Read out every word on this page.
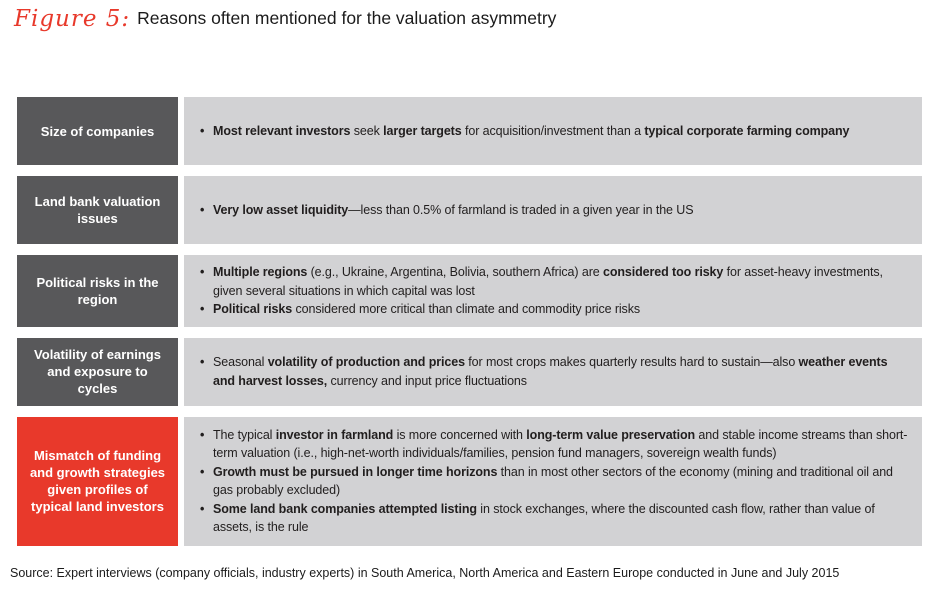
Figure 5: Reasons often mentioned for the valuation asymmetry
Size of companies	• Most relevant investors seek larger targets for acquisition/investment than a typical corporate farming company
Land bank valuation issues
• Very low asset liquidity—less than 0.5% of farmland is traded in a given year in the US
Political risks in the region
• Multiple regions (e.g., Ukraine, Argentina, Bolivia, southern Africa) are considered too risky for asset-heavy investments, given several situations in which capital was lost
• Political risks considered more critical than climate and commodity price risks
Volatility of earnings and exposure to cycles
• Seasonal volatility of production and prices for most crops makes quarterly results hard to sustain—also weather events and harvest losses, currency and input price fluctuations
Mismatch of funding and growth strategies given profiles of typical land investors
• The typical investor in farmland is more concerned with long-term value preservation and stable income streams than short-term valuation (i.e., high-net-worth individuals/families, pension fund managers, sovereign wealth funds)
• Growth must be pursued in longer time horizons than in most other sectors of the economy (mining and traditional oil and gas probably excluded)
• Some land bank companies attempted listing in stock exchanges, where the discounted cash flow, rather than value of assets, is the rule
Source: Expert interviews (company officials, industry experts) in South America, North America and Eastern Europe conducted in June and July 2015
